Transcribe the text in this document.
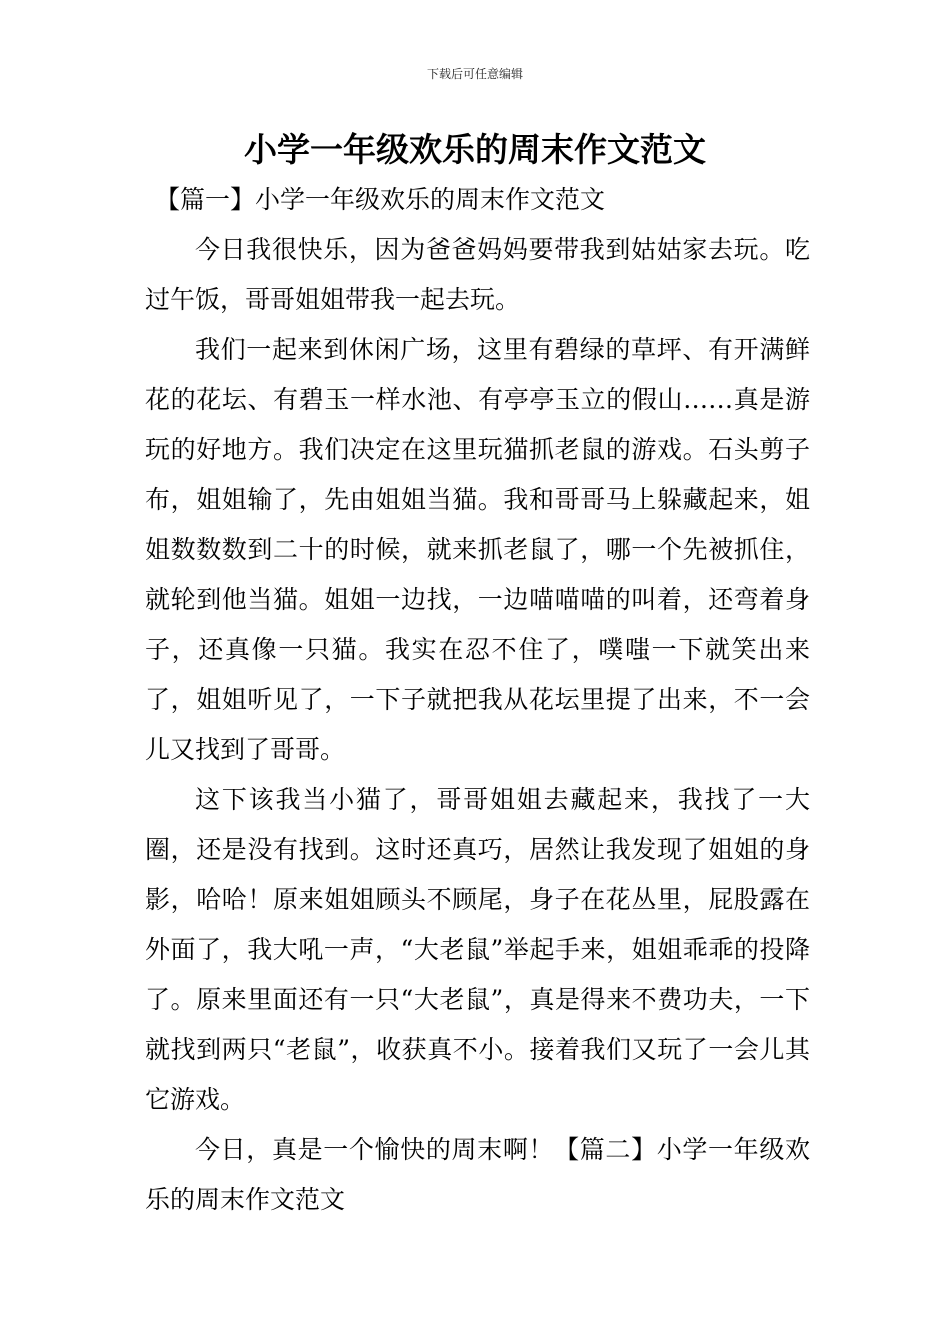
下载后可任意编辑
小学一年级欢乐的周末作文范文
【篇一】小学一年级欢乐的周末作文范文

今日我很快乐，因为爸爸妈妈要带我到姑姑家去玩。吃过午饭，哥哥姐姐带我一起去玩。

我们一起来到休闲广场，这里有碧绿的草坪、有开满鲜花的花坛、有碧玉一样水池、有亭亭玉立的假山……真是游玩的好地方。我们决定在这里玩猫抓老鼠的游戏。石头剪子布，姐姐输了，先由姐姐当猫。我和哥哥马上躲藏起来，姐姐数数数到二十的时候，就来抓老鼠了，哪一个先被抓住，就轮到他当猫。姐姐一边找，一边喵喵喵的叫着，还弯着身子，还真像一只猫。我实在忍不住了，噗嗤一下就笑出来了，姐姐听见了，一下子就把我从花坛里提了出来，不一会儿又找到了哥哥。

这下该我当小猫了，哥哥姐姐去藏起来，我找了一大圈，还是没有找到。这时还真巧，居然让我发现了姐姐的身影，哈哈！原来姐姐顾头不顾尾，身子在花丛里，屁股露在外面了，我大吼一声，“大老鼠”举起手来，姐姐乖乖的投降了。原来里面还有一只“大老鼠”，真是得来不费功夫，一下就找到两只“老鼠”，收获真不小。接着我们又玩了一会儿其它游戏。

今日，真是一个愉快的周末啊！【篇二】小学一年级欢乐的周末作文范文
